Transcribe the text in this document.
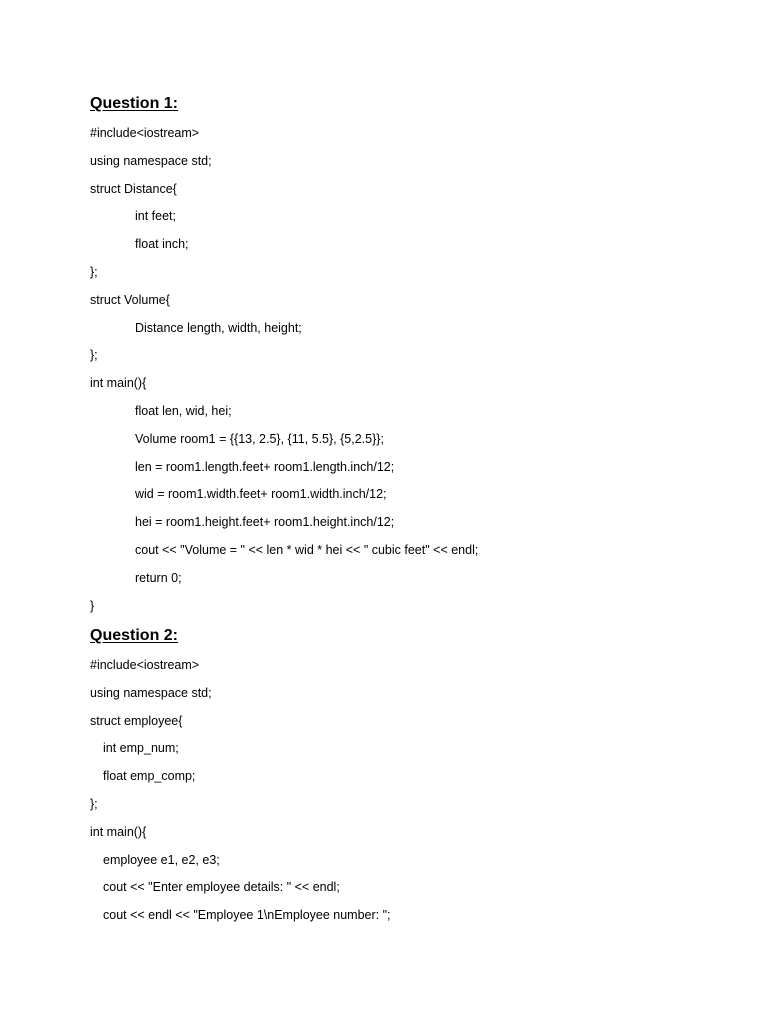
Question 1:
#include<iostream>
using namespace std;
struct Distance{
int feet;
float inch;
};
struct Volume{
Distance length, width, height;
};
int main(){
float len, wid, hei;
Volume room1 = {{13, 2.5}, {11, 5.5}, {5,2.5}};
len = room1.length.feet+ room1.length.inch/12;
wid = room1.width.feet+ room1.width.inch/12;
hei = room1.height.feet+ room1.height.inch/12;
cout << "Volume = " << len * wid * hei << " cubic feet" << endl;
return 0;
}
Question 2:
#include<iostream>
using namespace std;
struct employee{
int emp_num;
float emp_comp;
};
int main(){
employee e1, e2, e3;
cout << "Enter employee details: " << endl;
cout << endl << "Employee 1\nEmployee number: ";
